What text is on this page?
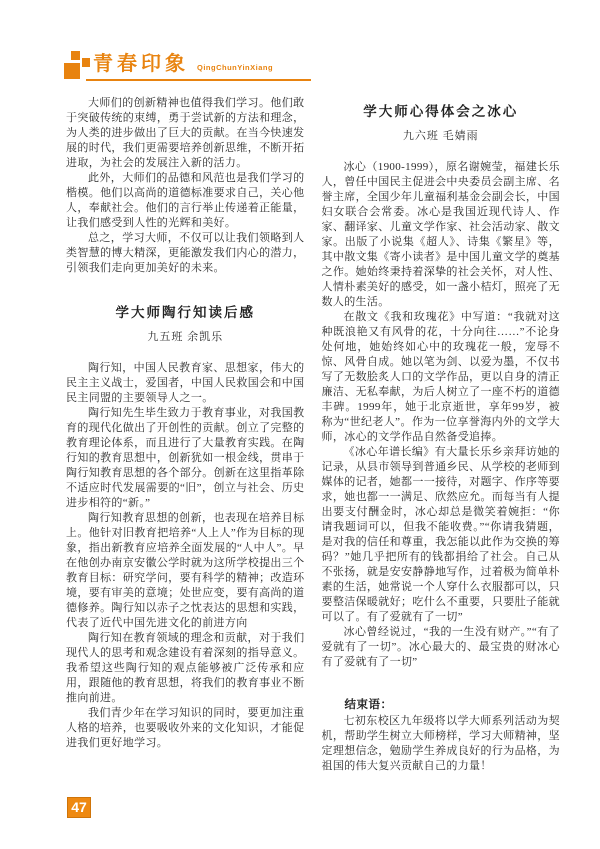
青春印象 QingChunYinXiang

大师们的创新精神也值得我们学习。他们敢于突破传统的束缚，勇于尝试新的方法和理念，为人类的进步做出了巨大的贡献。在当今快速发展的时代，我们更需要培养创新思维，不断开拓进取，为社会的发展注入新的活力。

此外，大师们的品德和风范也是我们学习的楷模。他们以高尚的道德标准要求自己，关心他人，奉献社会。他们的言行举止传递着正能量，让我们感受到人性的光辉和美好。

总之，学习大师，不仅可以让我们领略到人类智慧的博大精深，更能激发我们内心的潜力，引领我们走向更加美好的未来。

学大师陶行知读后感
九五班 余凯乐

陶行知，中国人民教育家、思想家，伟大的民主主义战士，爱国者，中国人民救国会和中国民主同盟的主要领导人之一。

陶行知先生毕生致力于教育事业，对我国教育的现代化做出了开创性的贡献。创立了完整的教育理论体系，而且进行了大量教育实践。在陶行知的教育思想中，创新犹如一根金线，贯串于陶行知教育思想的各个部分。创新在这里指革除不适应时代发展需要的“旧”，创立与社会、历史进步相符的“新。”

陶行知教育思想的创新，也表现在培养目标上。他针对旧教育把培养“人上人”作为目标的现象，指出新教育应培养全面发展的“人中人”。早在他创办南京安徽公学时就为这所学校提出三个教育目标：研究学问，要有科学的精神；改造环境，要有审美的意境；处世应变，要有高尚的道德修养。陶行知以赤子之忱表达的思想和实践，代表了近代中国先进文化的前进方向

陶行知在教育领域的理念和贡献，对于我们现代人的思考和观念建设有着深刻的指导意义。我希望这些陶行知的观点能够被广泛传承和应用，跟随他的教育思想，将我们的教育事业不断推向前进。

我们青少年在学习知识的同时，要更加注重人格的培养，也要吸收外来的文化知识，才能促进我们更好地学习。

学大师心得体会之冰心
九六班 毛婧雨

冰心（1900-1999），原名谢婉莹，福建长乐人，曾任中国民主促进会中央委员会副主席、名誉主席，全国少年儿童福利基金会副会长，中国妇女联合会常委。冰心是我国近现代诗人、作家、翻译家、儿童文学作家、社会活动家、散文家。出版了小说集《超人》、诗集《繁星》等，其中散文集《寄小读者》是中国儿童文学的奠基之作。她始终秉持着深挚的社会关怀，对人性、人情朴素美好的感受，如一盏小桔灯，照亮了无数人的生活。

在散文《我和玫瑰花》中写道：“我就对这种既浪艳又有风骨的花，十分向往……”不论身处何地，她始终如心中的玫瑰花一般，宠辱不惊、风骨自成。她以笔为剑、以爱为墨，不仅书写了无数脍炙人口的文学作品，更以自身的清正廉洁、无私奉献，为后人树立了一座不朽的道德丰碑。1999年，她于北京逝世，享年99岁，被称为“世纪老人”。作为一位享誉海内外的文学大师，冰心的文学作品自然备受追捧。

《冰心年谱长编》有大量长乐乡亲拜访她的记录，从县市领导到普通乡民、从学校的老师到媒体的记者，她都一一接待，对题字、作序等要求，她也都一一满足、欣然应允。而每当有人提出要支付酬金时，冰心却总是微笑着婉拒：“你请我题词可以，但我不能收费。”“你请我猜题，是对我的信任和尊重，我怎能以此作为交换的筹码？”她几乎把所有的钱都捐给了社会。自己从不张扬，就是安安静静地写作，过着极为简单朴素的生活，她常说一个人穿什么衣服都可以，只要整洁保暖就好；吃什么不重要，只要肚子能就可以了。有了爱就有了一切”

冰心曾经说过，“我的一生没有财产。”“有了爱就有了一切”。冰心最大的、最宝贵的财冰心有了爱就有了一切”

结束语：

七初东校区九年级将以学大师系列活动为契机，帮助学生树立大师榜样，学习大师精神，坚定理想信念，勉励学生养成良好的行为品格，为祖国的伟大复兴贡献自己的力量！

47
